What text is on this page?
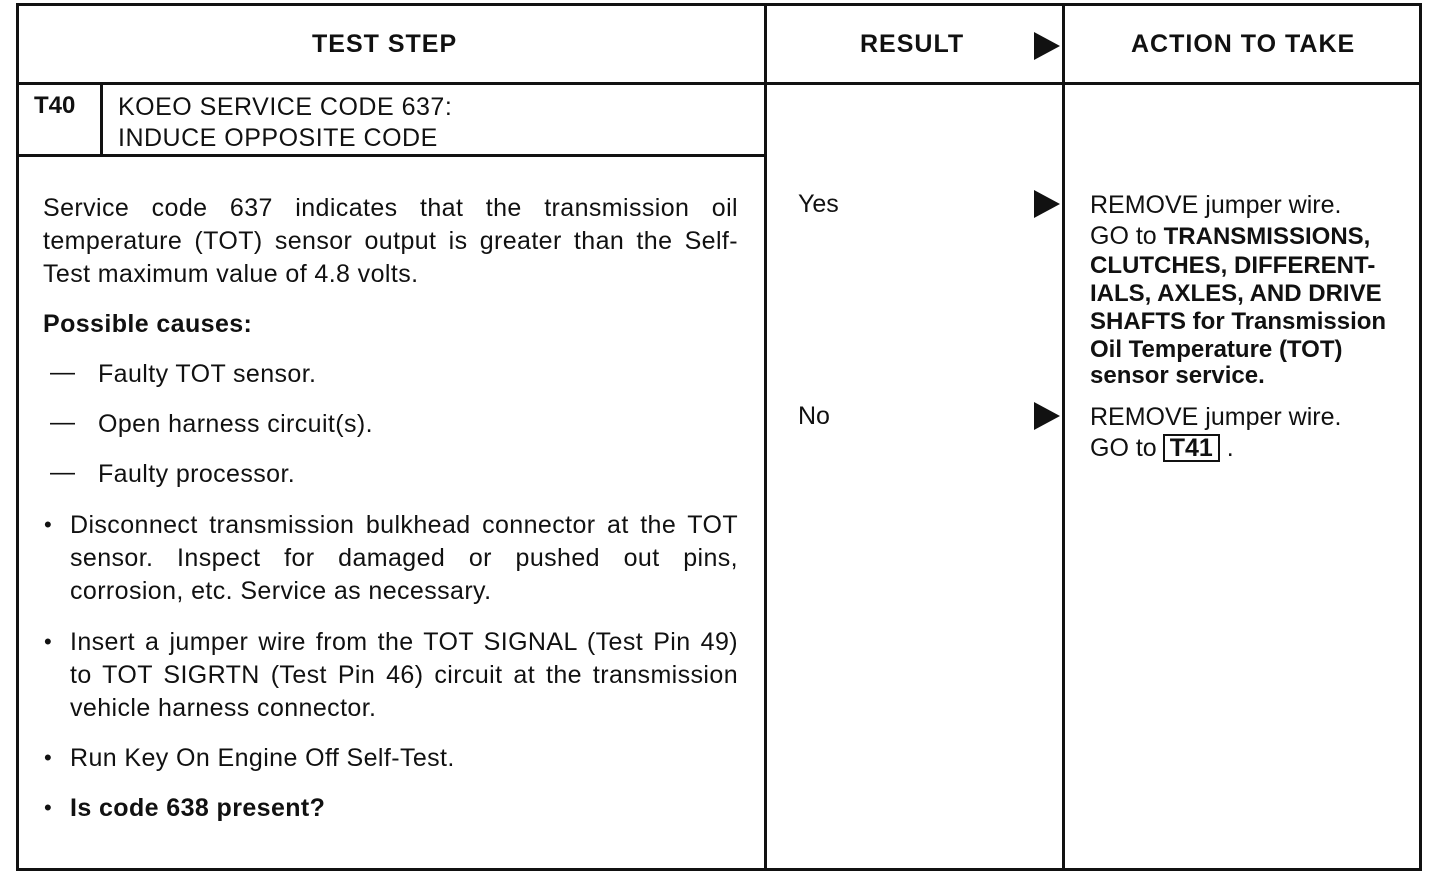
TEST STEP	RESULT	ACTION TO TAKE
T40 KOEO SERVICE CODE 637:
INDUCE OPPOSITE CODE
Service code 637 indicates that the transmission oil temperature (TOT) sensor output is greater than the Self-Test maximum value of 4.8 volts.
Possible causes:
— Faulty TOT sensor.
— Open harness circuit(s).
— Faulty processor.
• Disconnect transmission bulkhead connector at the TOT sensor. Inspect for damaged or pushed out pins, corrosion, etc. Service as necessary.
• Insert a jumper wire from the TOT SIGNAL (Test Pin 49) to TOT SIGRTN (Test Pin 46) circuit at the transmission vehicle harness connector.
• Run Key On Engine Off Self-Test.
• Is code 638 present?
Yes
No
REMOVE jumper wire.
GO to TRANSMISSIONS,
CLUTCHES, DIFFERENT-
IALS, AXLES, AND DRIVE
SHAFTS for Transmission
Oil Temperature (TOT)
sensor service.
REMOVE jumper wire.
GO to T41 .
